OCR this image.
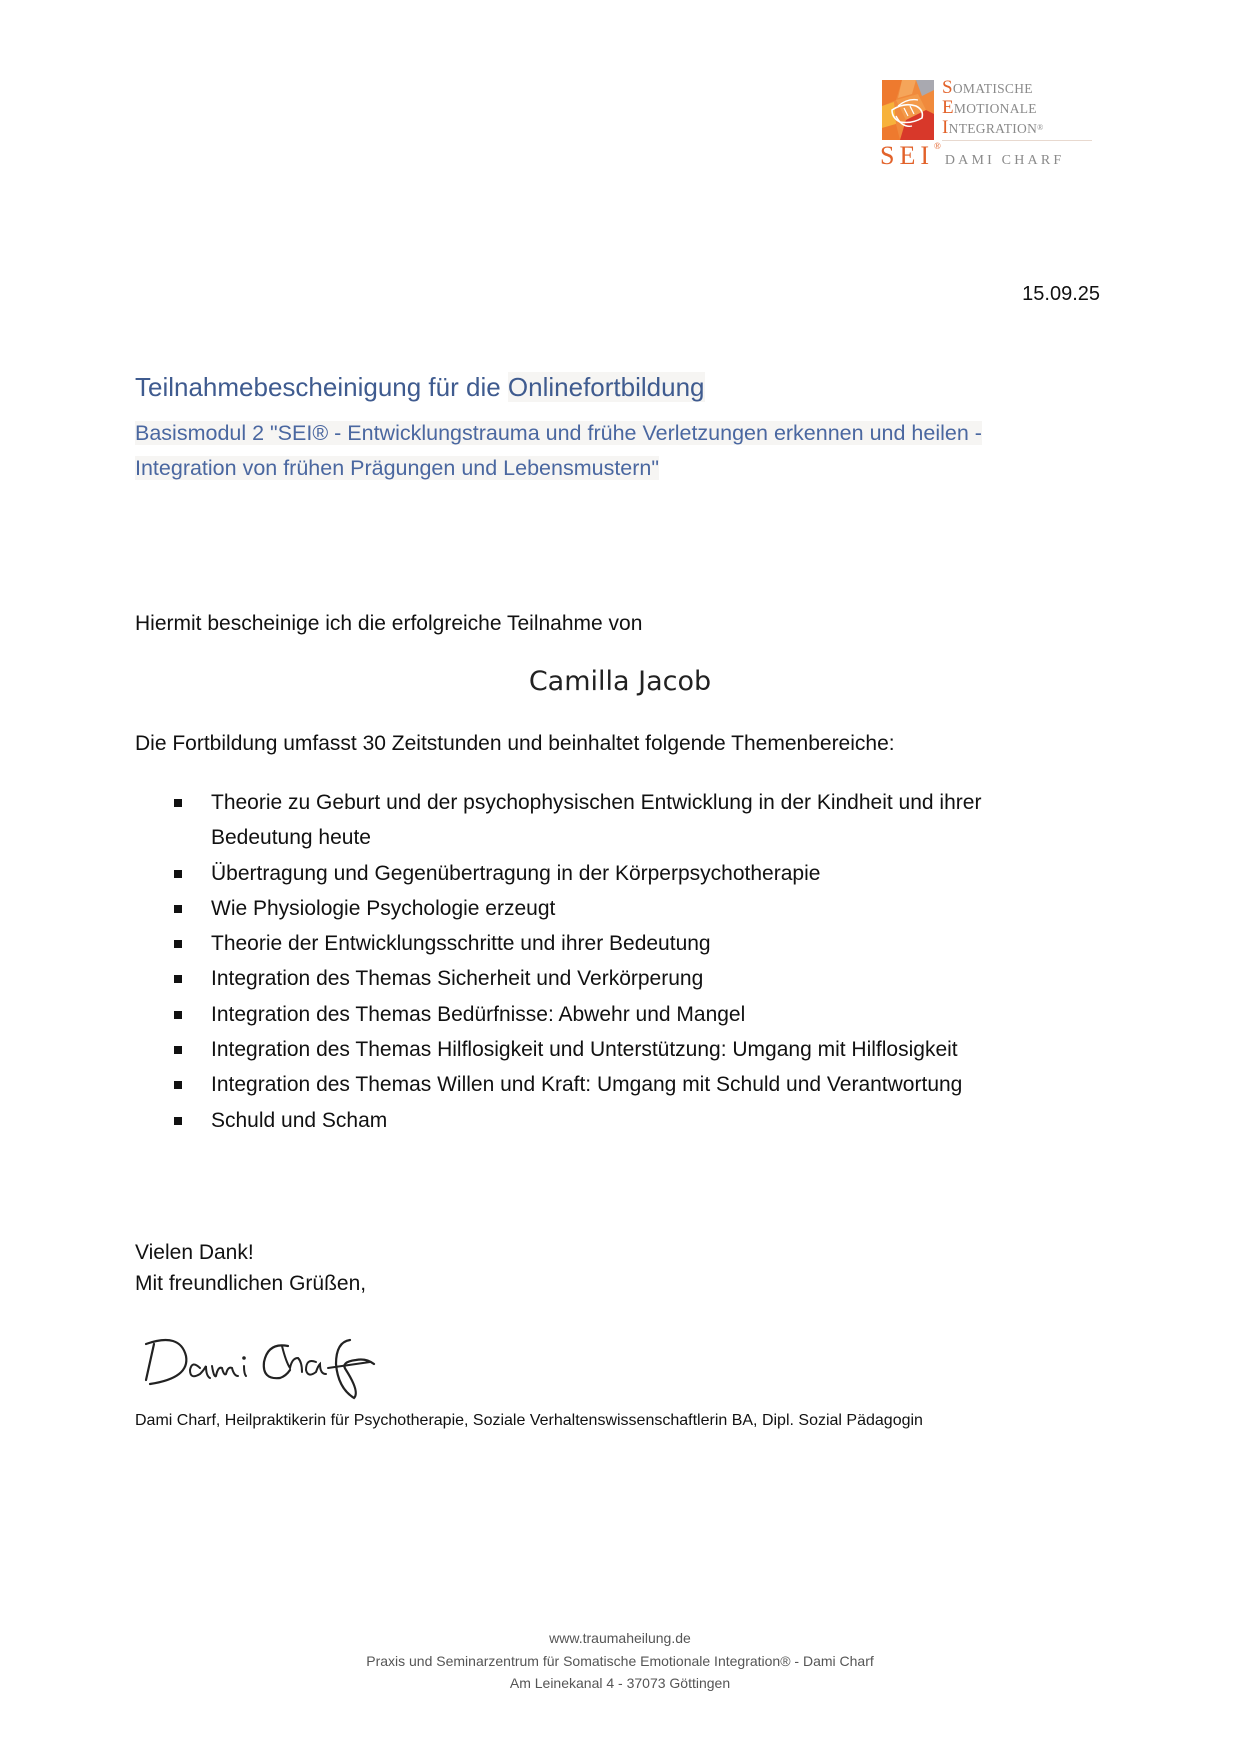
SOMATISCHE
EMOTIONALE
INTEGRATION®
SEI®DAMI CHARF
15.09.25
Teilnahmebescheinigung für die Onlinefortbildung
Basismodul 2 "SEI® - Entwicklungstrauma und frühe Verletzungen erkennen und heilen -
Integration von frühen Prägungen und Lebensmustern"
Hiermit bescheinige ich die erfolgreiche Teilnahme von
Camilla Jacob
Die Fortbildung umfasst 30 Zeitstunden und beinhaltet folgende Themenbereiche:
Theorie zu Geburt und der psychophysischen Entwicklung in der Kindheit und ihrer Bedeutung heute
Übertragung und Gegenübertragung in der Körperpsychotherapie
Wie Physiologie Psychologie erzeugt
Theorie der Entwicklungsschritte und ihrer Bedeutung
Integration des Themas Sicherheit und Verkörperung
Integration des Themas Bedürfnisse: Abwehr und Mangel
Integration des Themas Hilflosigkeit und Unterstützung: Umgang mit Hilflosigkeit
Integration des Themas Willen und Kraft: Umgang mit Schuld und Verantwortung
Schuld und Scham
Vielen Dank!
Mit freundlichen Grüßen,
Dami Charf, Heilpraktikerin für Psychotherapie, Soziale Verhaltenswissenschaftlerin BA, Dipl. Sozial Pädagogin
www.traumaheilung.de
Praxis und Seminarzentrum für Somatische Emotionale Integration® - Dami Charf
Am Leinekanal 4 - 37073 Göttingen
